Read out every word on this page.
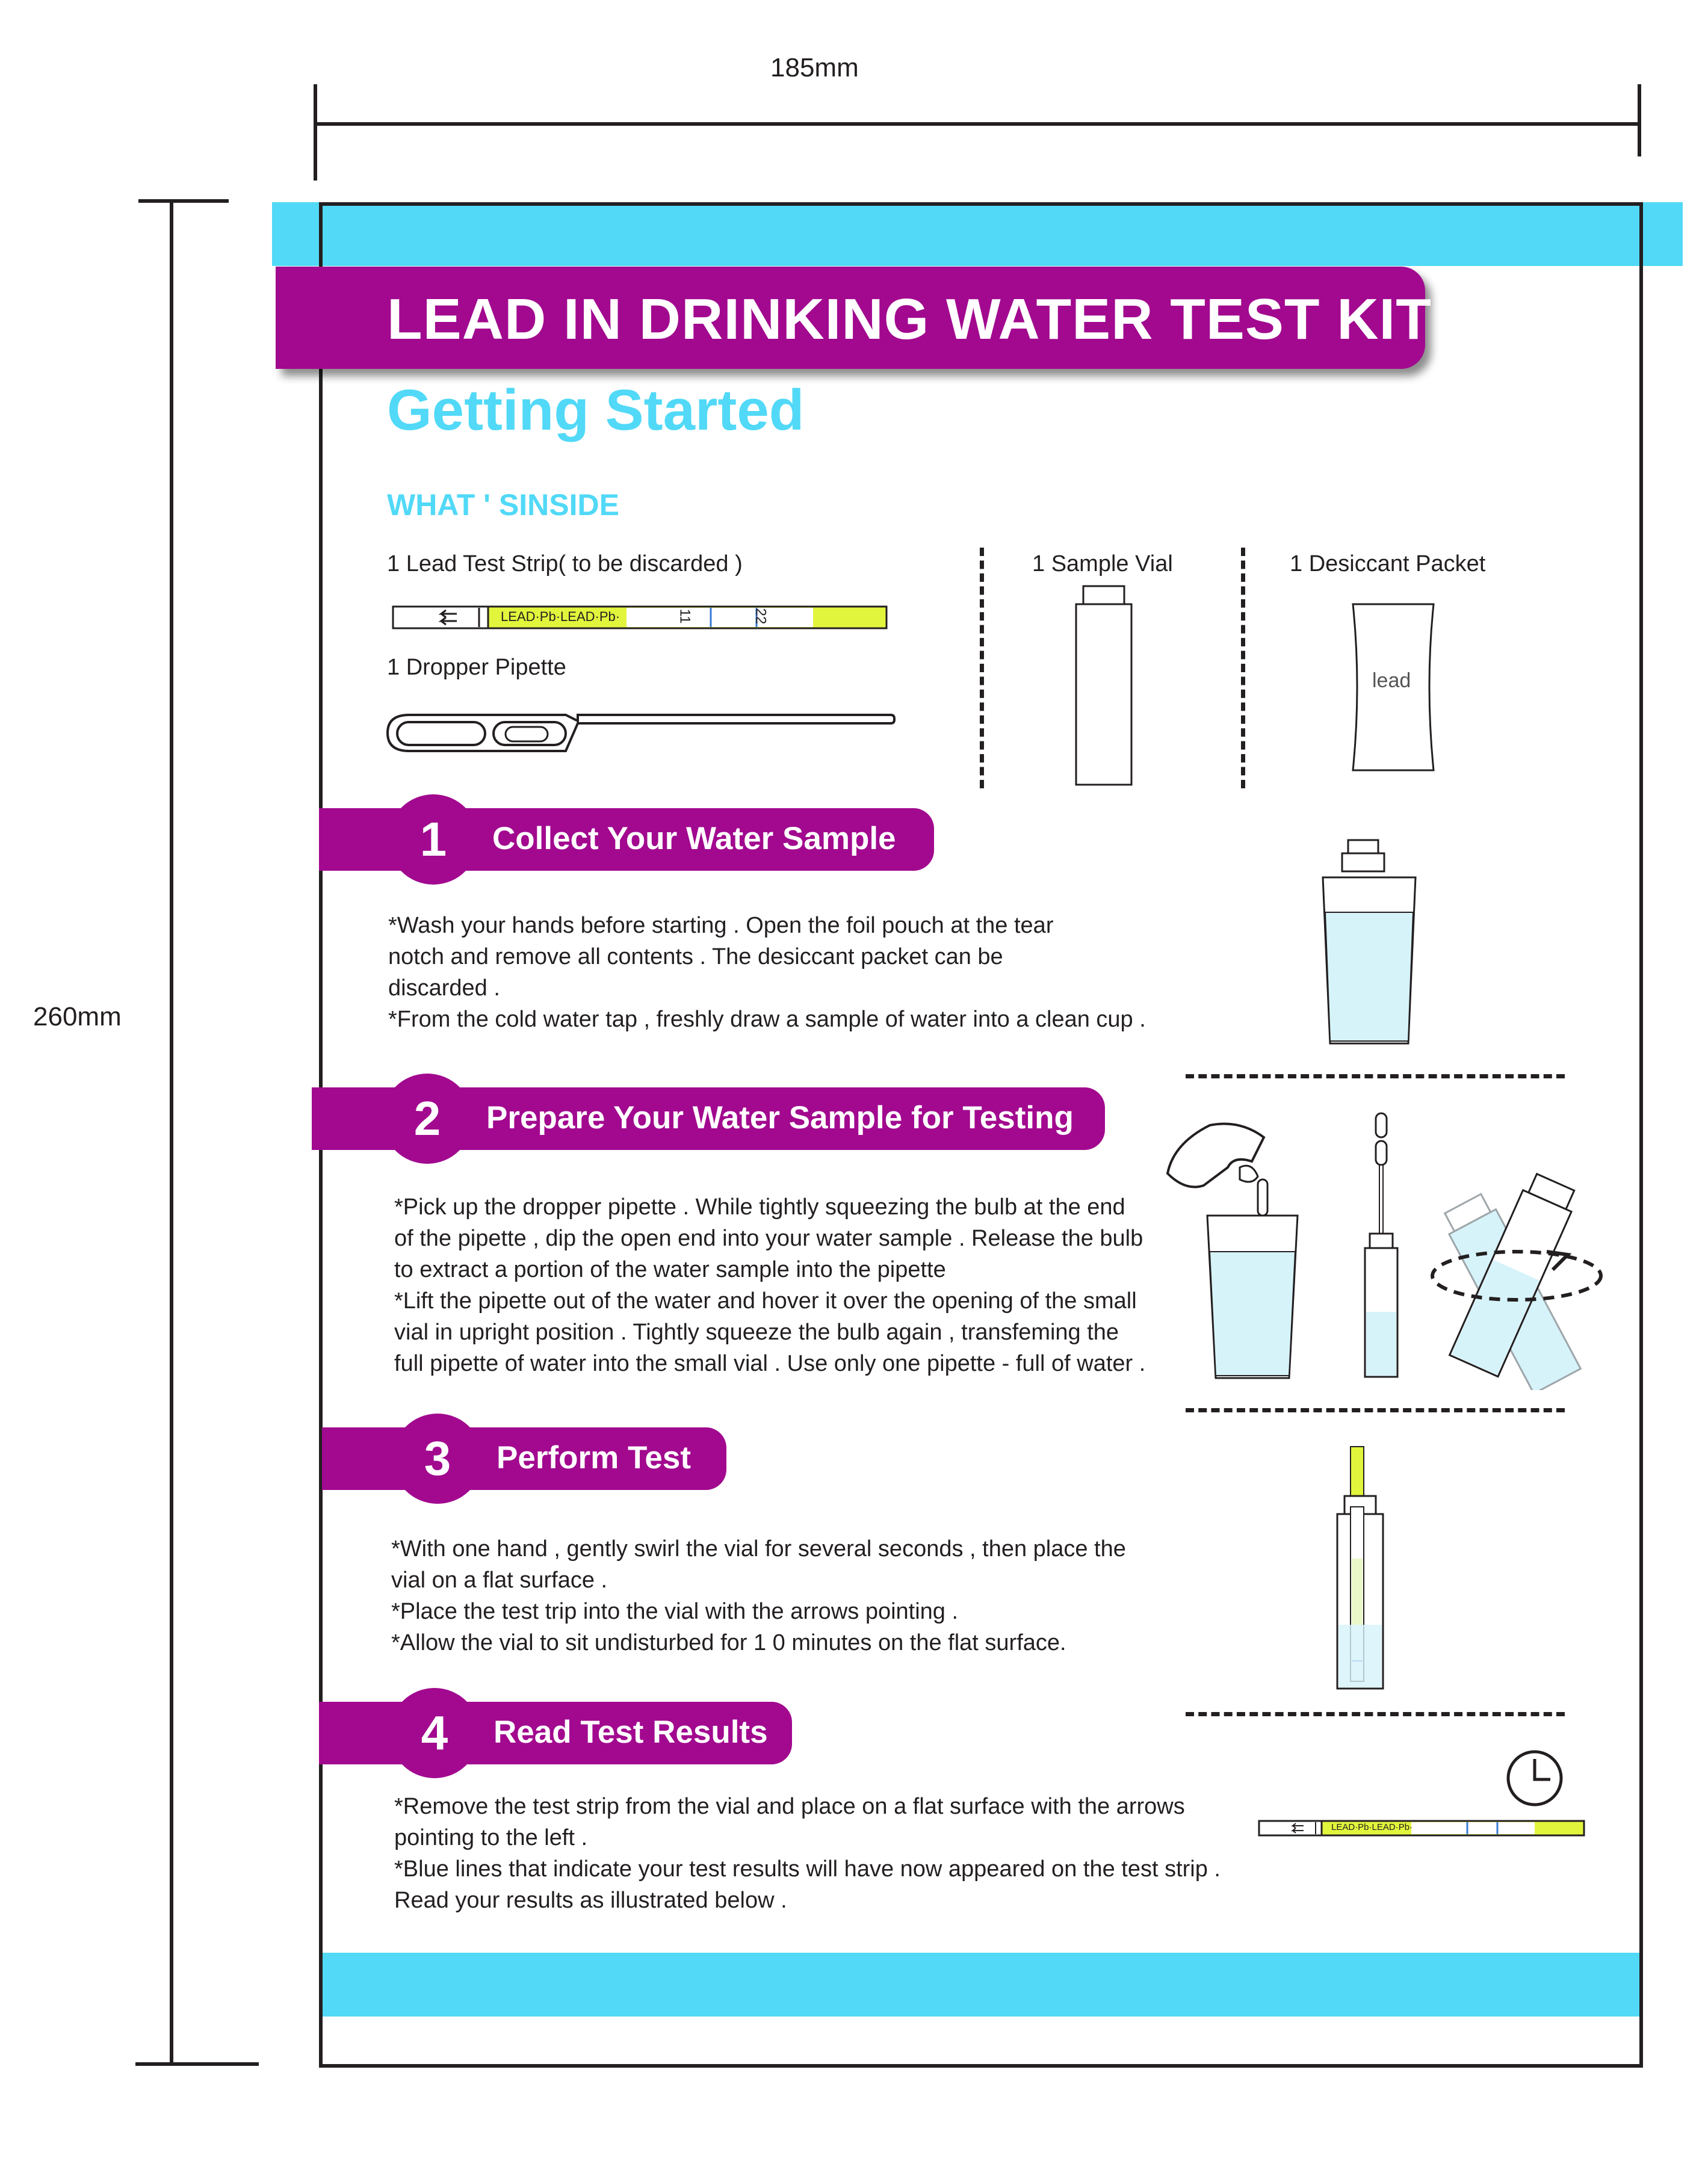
185mm
260mm
LEAD IN DRINKING WATER TEST KIT
Getting Started
WHAT ' SINSIDE
1 Lead Test Strip( to be discarded )
LEAD·Pb·LEAD·Pb·	11	22
1 Dropper Pipette
1 Sample Vial	1 Desiccant Packet
lead
1	Collect Your Water Sample
*Wash your hands before starting . Open the foil pouch at the tear
notch and remove all contents . The desiccant packet can be
discarded .
*From the cold water tap , freshly draw a sample of water into a clean cup .
2	Prepare Your Water Sample for Testing
*Pick up the dropper pipette . While tightly squeezing the bulb at the end
of the pipette , dip the open end into your water sample . Release the bulb
to extract a portion of the water sample into the pipette
*Lift the pipette out of the water and hover it over the opening of the small
vial in upright position . Tightly squeeze the bulb again , transfeming the
full pipette of water into the small vial . Use only one pipette - full of water .
3	Perform Test
*With one hand , gently swirl the vial for several seconds , then place the
vial on a flat surface .
*Place the test trip into the vial with the arrows pointing .
*Allow the vial to sit undisturbed for 1 0 minutes on the flat surface.
4	Read Test Results
*Remove the test strip from the vial and place on a flat surface with the arrows
pointing to the left .
*Blue lines that indicate your test results will have now appeared on the test strip .
Read your results as illustrated below .
LEAD·Pb·LEAD·Pb·
